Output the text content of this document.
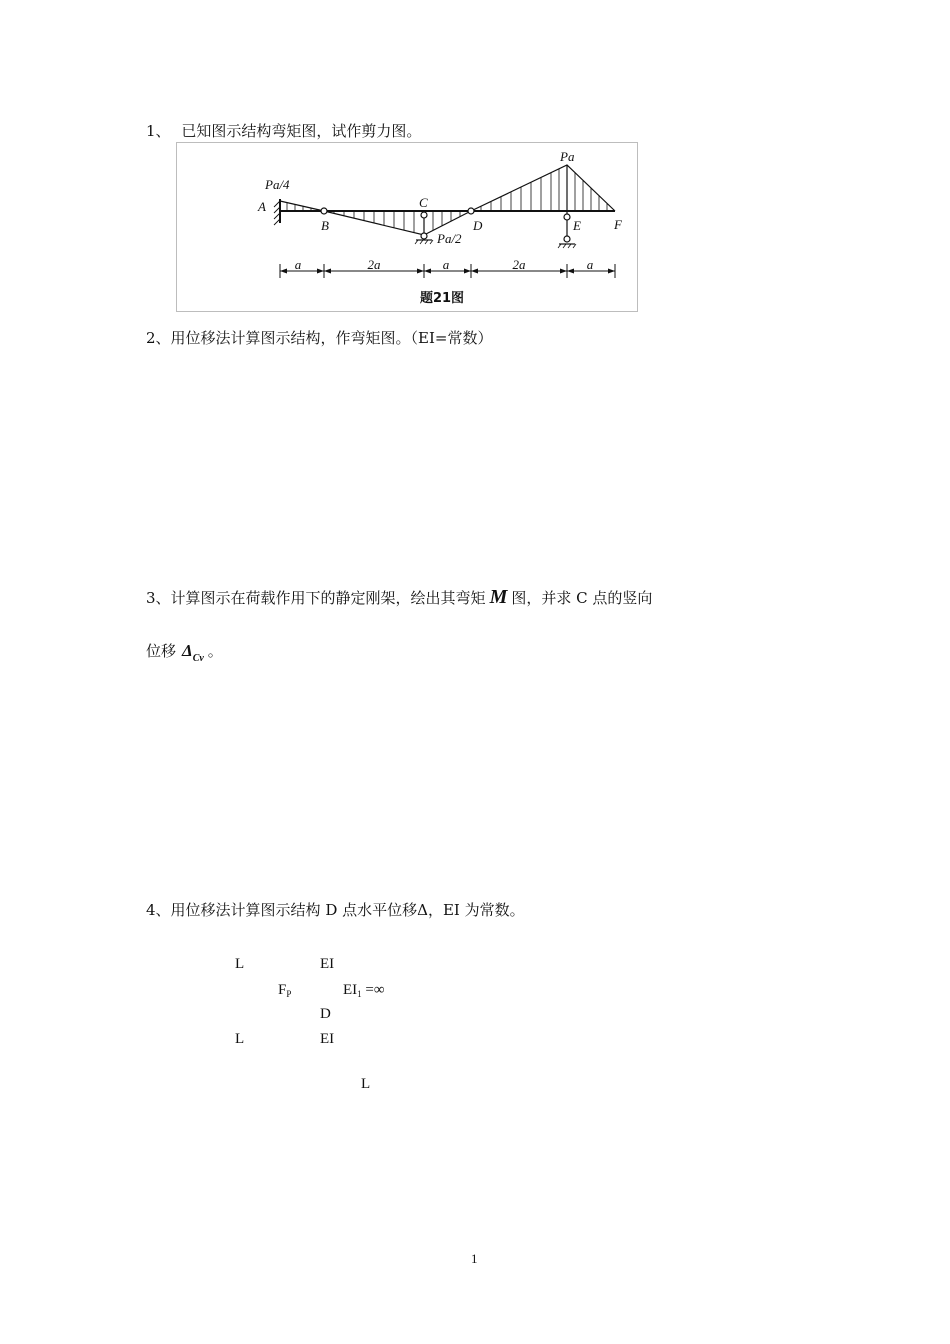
1、 已知图示结构弯矩图，试作剪力图。
Pa/4
A
B
C
Pa/2
D
Pa
E	F
a	2a	a	2a	a
题21图
2、用位移法计算图示结构，作弯矩图。（EI=常数）
3、计算图示在荷载作用下的静定刚架，绘出其弯矩 M 图，并求 C 点的竖向
位移 $\Delta_{Cv}$ 。
4、用位移法计算图示结构 D 点水平位移Δ，EI 为常数。
L	EI
$F_P$	$EI_1$ =∞
D
L	EI
L
1
